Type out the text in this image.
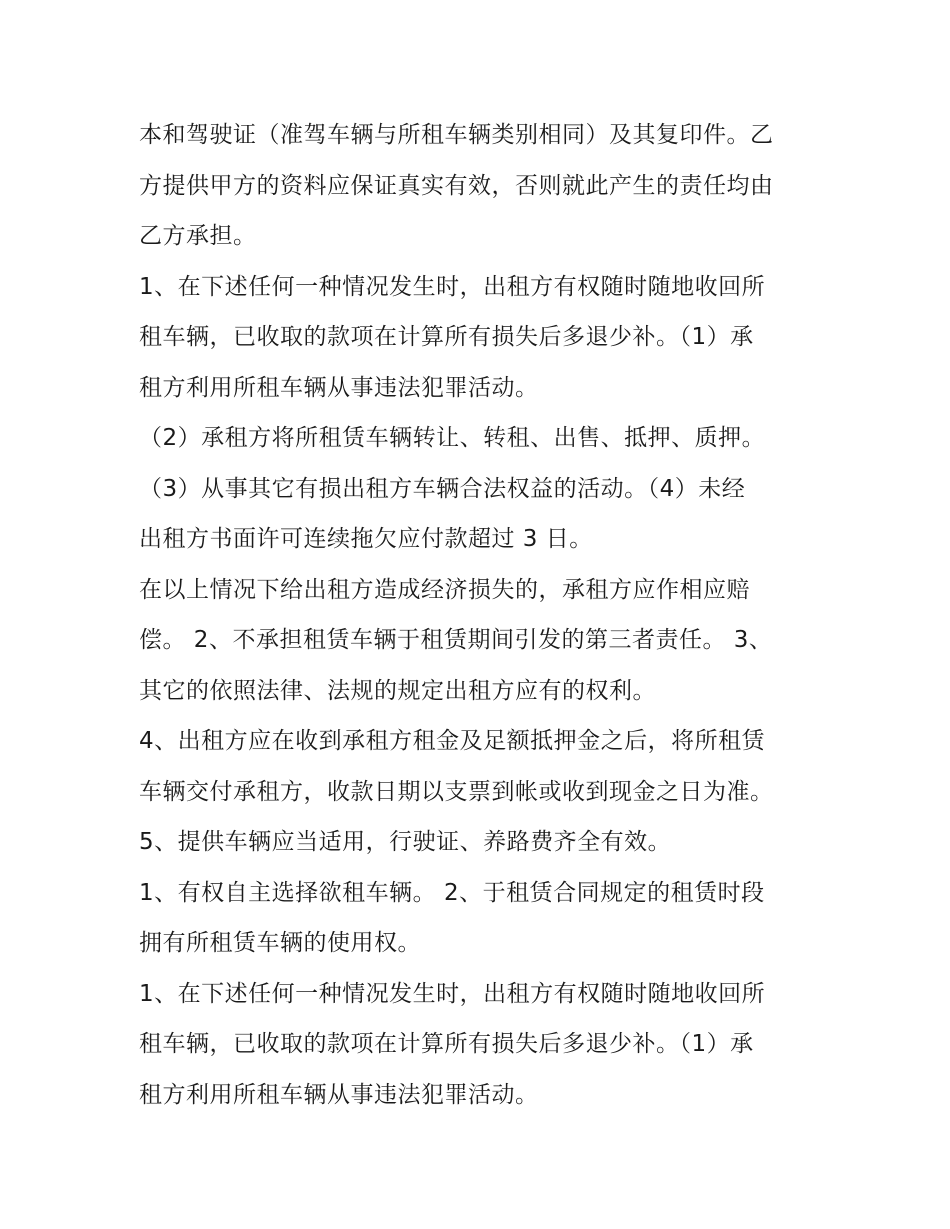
本和驾驶证（准驾车辆与所租车辆类别相同）及其复印件。乙
方提供甲方的资料应保证真实有效，否则就此产生的责任均由
乙方承担。
1、在下述任何一种情况发生时，出租方有权随时随地收回所
租车辆，已收取的款项在计算所有损失后多退少补。（1）承
租方利用所租车辆从事违法犯罪活动。
（2）承租方将所租赁车辆转让、转租、出售、抵押、质押。
（3）从事其它有损出租方车辆合法权益的活动。（4）未经
出租方书面许可连续拖欠应付款超过 3 日。
在以上情况下给出租方造成经济损失的，承租方应作相应赔
偿。 2、不承担租赁车辆于租赁期间引发的第三者责任。 3、
其它的依照法律、法规的规定出租方应有的权利。
4、出租方应在收到承租方租金及足额抵押金之后，将所租赁
车辆交付承租方，收款日期以支票到帐或收到现金之日为准。
5、提供车辆应当适用，行驶证、养路费齐全有效。
1、有权自主选择欲租车辆。 2、于租赁合同规定的租赁时段
拥有所租赁车辆的使用权。
1、在下述任何一种情况发生时，出租方有权随时随地收回所
租车辆，已收取的款项在计算所有损失后多退少补。（1）承
租方利用所租车辆从事违法犯罪活动。
